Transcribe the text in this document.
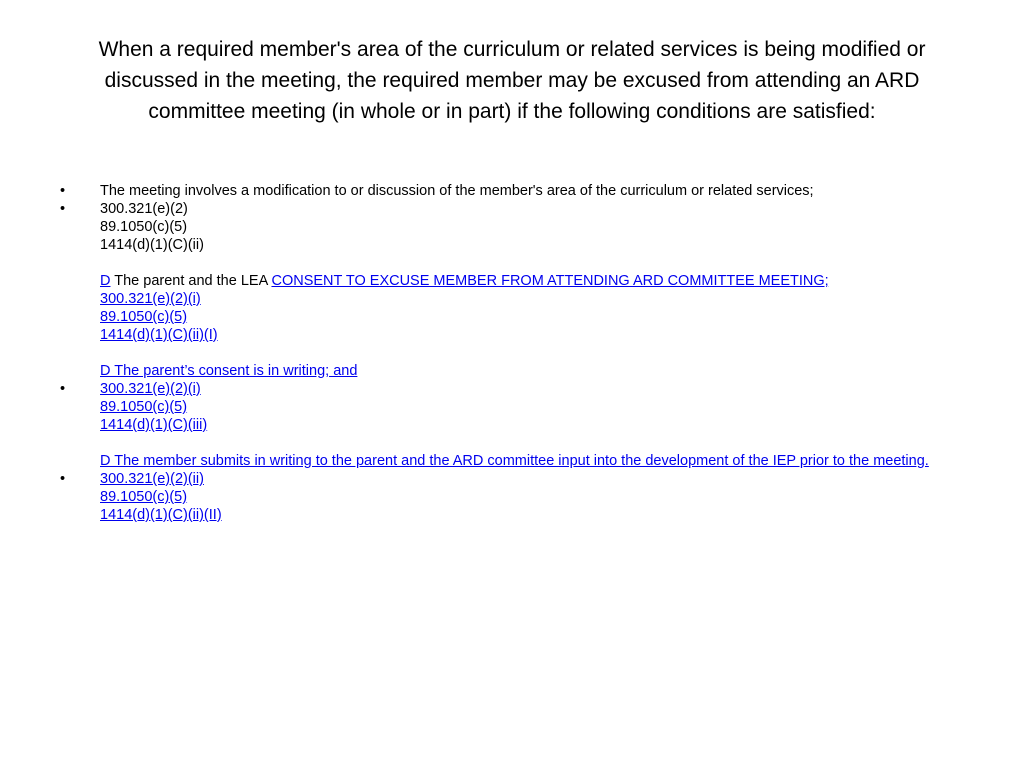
When a required member's area of the curriculum or related services is being modified or discussed in the meeting, the required member may be excused from attending an ARD committee meeting (in whole or in part) if the following conditions are satisfied:
•	The meeting involves a modification to or discussion of the member's area of the curriculum or related services;
•	300.321(e)(2)
89.1050(c)(5)
1414(d)(1)(C)(ii)
D The parent and the LEA CONSENT TO EXCUSE MEMBER FROM ATTENDING ARD COMMITTEE MEETING;
300.321(e)(2)(i)
89.1050(c)(5)
1414(d)(1)(C)(ii)(I)
D The parent’s consent is in writing; and
•	300.321(e)(2)(i)
89.1050(c)(5)
1414(d)(1)(C)(iii)
D The member submits in writing to the parent and the ARD committee input into the development of the IEP prior to the meeting.
•	300.321(e)(2)(ii)
89.1050(c)(5)
1414(d)(1)(C)(ii)(II)
